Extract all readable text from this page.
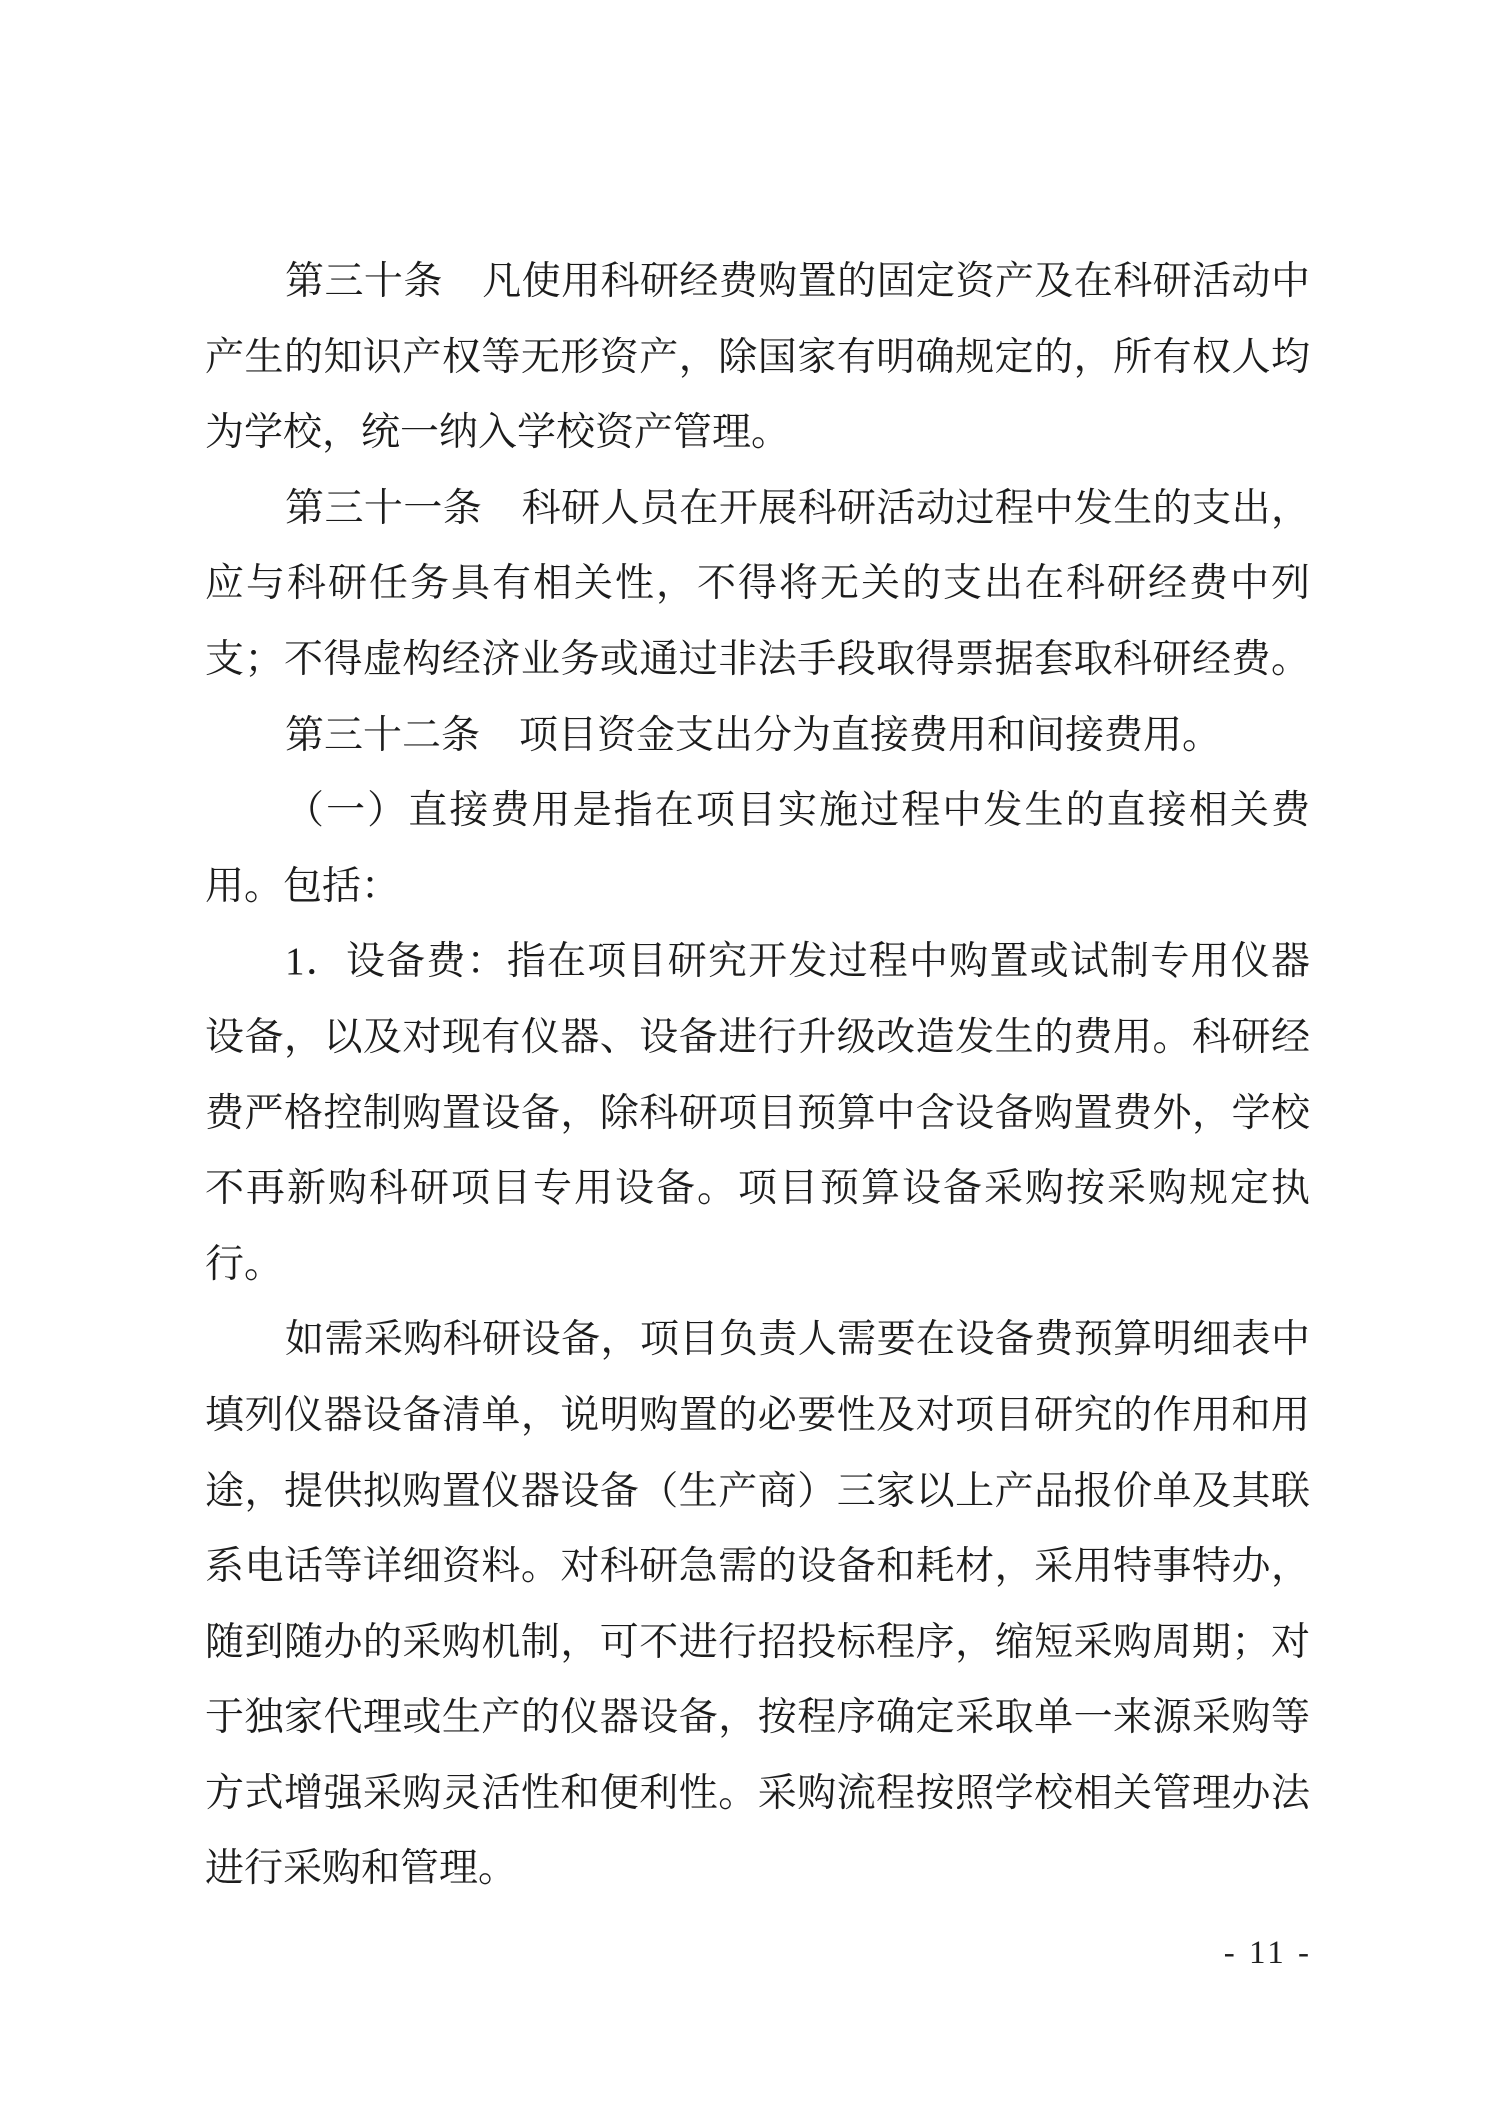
第三十条　凡使用科研经费购置的固定资产及在科研活动中
产生的知识产权等无形资产，除国家有明确规定的，所有权人均
为学校，统一纳入学校资产管理。
第三十一条　科研人员在开展科研活动过程中发生的支出，
应与科研任务具有相关性，不得将无关的支出在科研经费中列
支；不得虚构经济业务或通过非法手段取得票据套取科研经费。
第三十二条　项目资金支出分为直接费用和间接费用。
（一）直接费用是指在项目实施过程中发生的直接相关费
用。包括：
1．设备费：指在项目研究开发过程中购置或试制专用仪器
设备，以及对现有仪器、设备进行升级改造发生的费用。科研经
费严格控制购置设备，除科研项目预算中含设备购置费外，学校
不再新购科研项目专用设备。项目预算设备采购按采购规定执
行。
如需采购科研设备，项目负责人需要在设备费预算明细表中
填列仪器设备清单，说明购置的必要性及对项目研究的作用和用
途，提供拟购置仪器设备（生产商）三家以上产品报价单及其联
系电话等详细资料。对科研急需的设备和耗材，采用特事特办，
随到随办的采购机制，可不进行招投标程序，缩短采购周期；对
于独家代理或生产的仪器设备，按程序确定采取单一来源采购等
方式增强采购灵活性和便利性。采购流程按照学校相关管理办法
进行采购和管理。
- 11 -
